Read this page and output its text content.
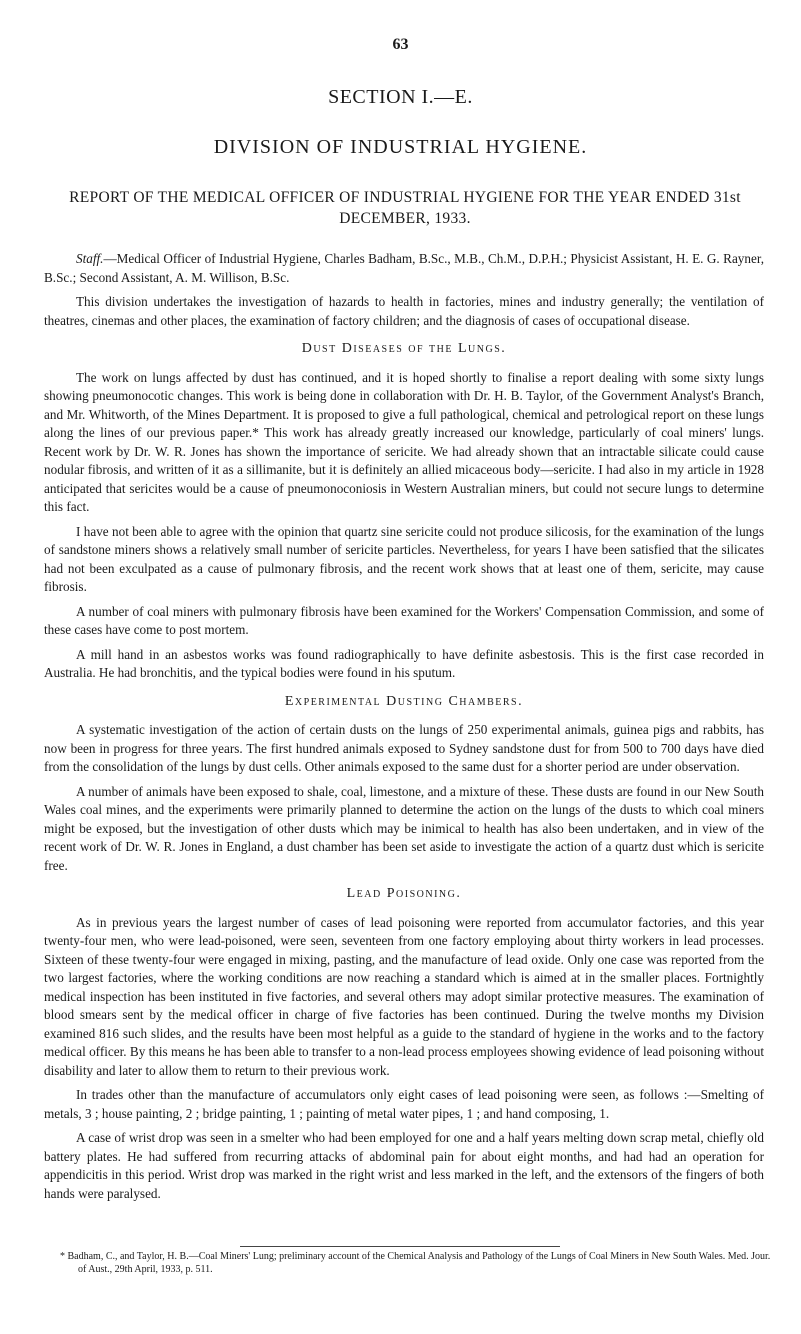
63
SECTION I.—E.
DIVISION OF INDUSTRIAL HYGIENE.
REPORT OF THE MEDICAL OFFICER OF INDUSTRIAL HYGIENE FOR THE YEAR ENDED 31st DECEMBER, 1933.

Staff.—Medical Officer of Industrial Hygiene, Charles Badham, B.Sc., M.B., Ch.M., D.P.H.; Physicist Assistant, H. E. G. Rayner, B.Sc.; Second Assistant, A. M. Willison, B.Sc.

This division undertakes the investigation of hazards to health in factories, mines and industry generally; the ventilation of theatres, cinemas and other places, the examination of factory children; and the diagnosis of cases of occupational disease.

Dust Diseases of the Lungs.

The work on lungs affected by dust has continued, and it is hoped shortly to finalise a report dealing with some sixty lungs showing pneumonocotic changes. This work is being done in collaboration with Dr. H. B. Taylor, of the Government Analyst's Branch, and Mr. Whitworth, of the Mines Department. It is proposed to give a full pathological, chemical and petrological report on these lungs along the lines of our previous paper.* This work has already greatly increased our knowledge, particularly of coal miners' lungs. Recent work by Dr. W. R. Jones has shown the importance of sericite. We had already shown that an intractable silicate could cause nodular fibrosis, and written of it as a sillimanite, but it is definitely an allied micaceous body—sericite. I had also in my article in 1928 anticipated that sericites would be a cause of pneumonoconiosis in Western Australian miners, but could not secure lungs to determine this fact.

I have not been able to agree with the opinion that quartz sine sericite could not produce silicosis, for the examination of the lungs of sandstone miners shows a relatively small number of sericite particles. Nevertheless, for years I have been satisfied that the silicates had not been exculpated as a cause of pulmonary fibrosis, and the recent work shows that at least one of them, sericite, may cause fibrosis.

A number of coal miners with pulmonary fibrosis have been examined for the Workers' Compensation Commission, and some of these cases have come to post mortem.

A mill hand in an asbestos works was found radiographically to have definite asbestosis. This is the first case recorded in Australia. He had bronchitis, and the typical bodies were found in his sputum.

Experimental Dusting Chambers.

A systematic investigation of the action of certain dusts on the lungs of 250 experimental animals, guinea pigs and rabbits, has now been in progress for three years. The first hundred animals exposed to Sydney sandstone dust for from 500 to 700 days have died from the consolidation of the lungs by dust cells. Other animals exposed to the same dust for a shorter period are under observation.

A number of animals have been exposed to shale, coal, limestone, and a mixture of these. These dusts are found in our New South Wales coal mines, and the experiments were primarily planned to determine the action on the lungs of the dusts to which coal miners might be exposed, but the investigation of other dusts which may be inimical to health has also been undertaken, and in view of the recent work of Dr. W. R. Jones in England, a dust chamber has been set aside to investigate the action of a quartz dust which is sericite free.

Lead Poisoning.

As in previous years the largest number of cases of lead poisoning were reported from accumulator factories, and this year twenty-four men, who were lead-poisoned, were seen, seventeen from one factory employing about thirty workers in lead processes. Sixteen of these twenty-four were engaged in mixing, pasting, and the manufacture of lead oxide. Only one case was reported from the two largest factories, where the working conditions are now reaching a standard which is aimed at in the smaller places. Fortnightly medical inspection has been instituted in five factories, and several others may adopt similar protective measures. The examination of blood smears sent by the medical officer in charge of five factories has been continued. During the twelve months my Division examined 816 such slides, and the results have been most helpful as a guide to the standard of hygiene in the works and to the factory medical officer. By this means he has been able to transfer to a non-lead process employees showing evidence of lead poisoning without disability and later to allow them to return to their previous work.

In trades other than the manufacture of accumulators only eight cases of lead poisoning were seen, as follows :—Smelting of metals, 3 ; house painting, 2 ; bridge painting, 1 ; painting of metal water pipes, 1 ; and hand composing, 1.

A case of wrist drop was seen in a smelter who had been employed for one and a half years melting down scrap metal, chiefly old battery plates. He had suffered from recurring attacks of abdominal pain for about eight months, and had had an operation for appendicitis in this period. Wrist drop was marked in the right wrist and less marked in the left, and the extensors of the fingers of both hands were paralysed.

* Badham, C., and Taylor, H. B.—Coal Miners' Lung; preliminary account of the Chemical Analysis and Pathology of the Lungs of Coal Miners in New South Wales. Med. Jour. of Aust., 29th April, 1933, p. 511.
